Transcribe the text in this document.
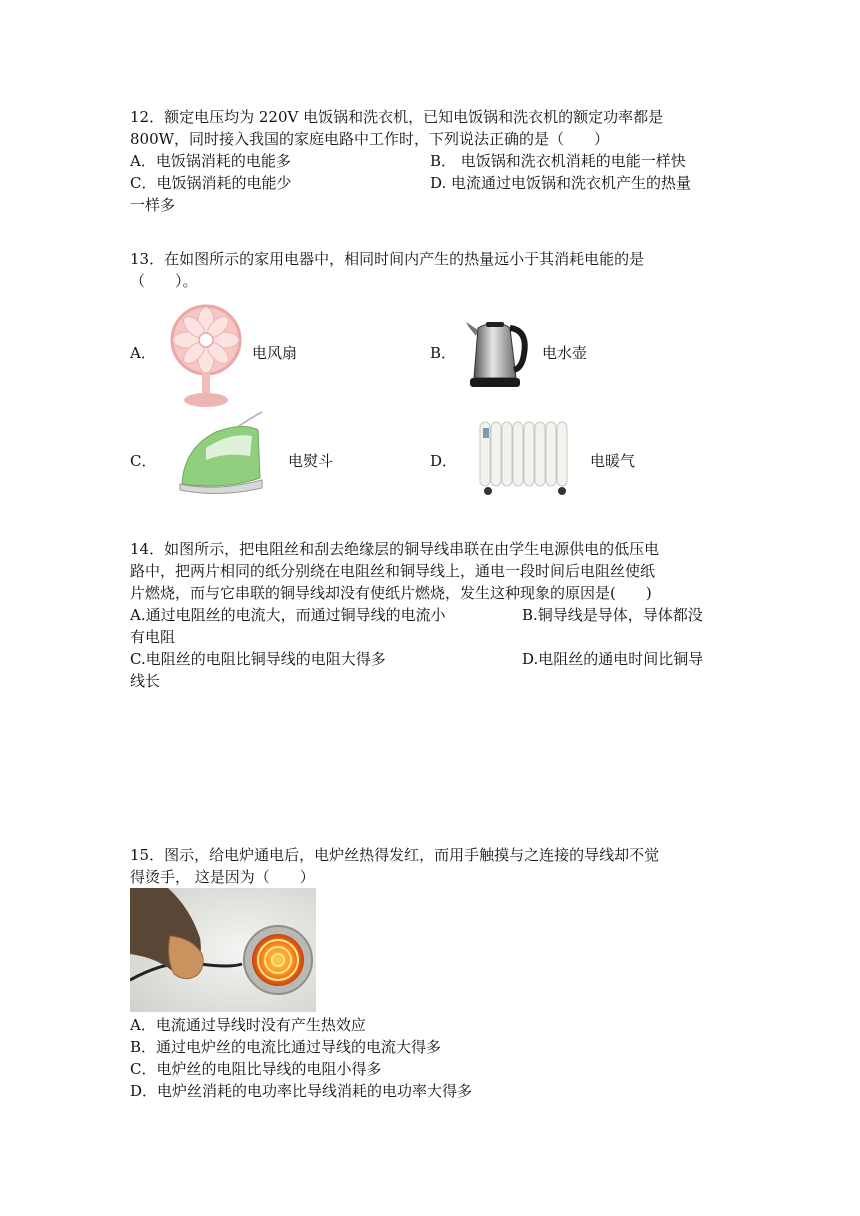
12．额定电压均为 220V 电饭锅和洗衣机，已知电饭锅和洗衣机的额定功率都是
800W，同时接入我国的家庭电路中工作时，下列说法正确的是（　　）
A．电饭锅消耗的电能多	B． 电饭锅和洗衣机消耗的电能一样快
C．电饭锅消耗的电能少	D. 电流通过电饭锅和洗衣机产生的热量
一样多
13．在如图所示的家用电器中，相同时间内产生的热量远小于其消耗电能的是
（　　）。
A．	电风扇	B．	电水壶
C．	电熨斗	D．	电暖气
14．如图所示，把电阻丝和刮去绝缘层的铜导线串联在由学生电源供电的低压电
路中，把两片相同的纸分别绕在电阻丝和铜导线上，通电一段时间后电阻丝使纸
片燃烧，而与它串联的铜导线却没有使纸片燃烧，发生这种现象的原因是(　　)
A.通过电阻丝的电流大，而通过铜导线的电流小	B.铜导线是导体，导体都没
有电阻
C.电阻丝的电阻比铜导线的电阻大得多	D.电阻丝的通电时间比铜导
线长
15．图示，给电炉通电后，电炉丝热得发红，而用手触摸与之连接的导线却不觉
得烫手， 这是因为（　　）
A．电流通过导线时没有产生热效应
B．通过电炉丝的电流比通过导线的电流大得多
C．电炉丝的电阻比导线的电阻小得多
D．电炉丝消耗的电功率比导线消耗的电功率大得多
